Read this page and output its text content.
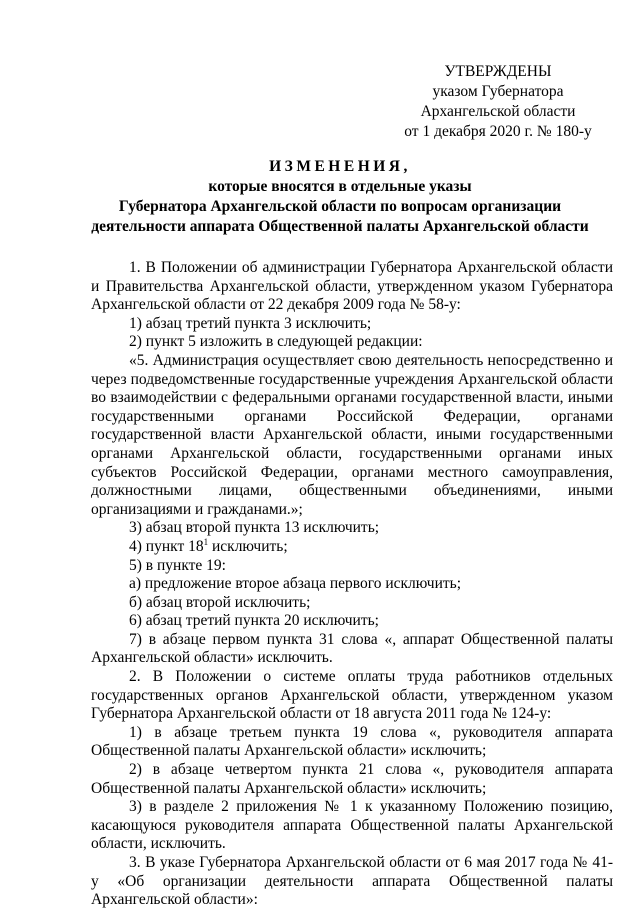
УТВЕРЖДЕНЫ
указом Губернатора
Архангельской области
от 1 декабря 2020 г. № 180-у
ИЗМЕНЕНИЯ,
которые вносятся в отдельные указы
Губернатора Архангельской области по вопросам организации
деятельности аппарата Общественной палаты Архангельской области

1. В Положении об администрации Губернатора Архангельской области и Правительства Архангельской области, утвержденном указом Губернатора Архангельской области от 22 декабря 2009 года № 58-у:

1) абзац третий пункта 3 исключить;

2) пункт 5 изложить в следующей редакции:

«5. Администрация осуществляет свою деятельность непосредственно и через подведомственные государственные учреждения Архангельской области во взаимодействии с федеральными органами государственной власти, иными государственными органами Российской Федерации, органами государственной власти Архангельской области, иными государственными органами Архангельской области, государственными органами иных субъектов Российской Федерации, органами местного самоуправления, должностными лицами, общественными объединениями, иными организациями и гражданами.»;

3) абзац второй пункта 13 исключить;

4) пункт $18^1$ исключить;

5) в пункте 19:

а) предложение второе абзаца первого исключить;

б) абзац второй исключить;

6) абзац третий пункта 20 исключить;

7) в абзаце первом пункта 31 слова «, аппарат Общественной палаты Архангельской области» исключить.

2. В Положении о системе оплаты труда работников отдельных государственных органов Архангельской области, утвержденном указом Губернатора Архангельской области от 18 августа 2011 года № 124-у:

1) в абзаце третьем пункта 19 слова «, руководителя аппарата Общественной палаты Архангельской области» исключить;

2) в абзаце четвертом пункта 21 слова «, руководителя аппарата Общественной палаты Архангельской области» исключить;

3) в разделе 2 приложения № 1 к указанному Положению позицию, касающуюся руководителя аппарата Общественной палаты Архангельской области, исключить.

3. В указе Губернатора Архангельской области от 6 мая 2017 года № 41-у «Об организации деятельности аппарата Общественной палаты Архангельской области»:
